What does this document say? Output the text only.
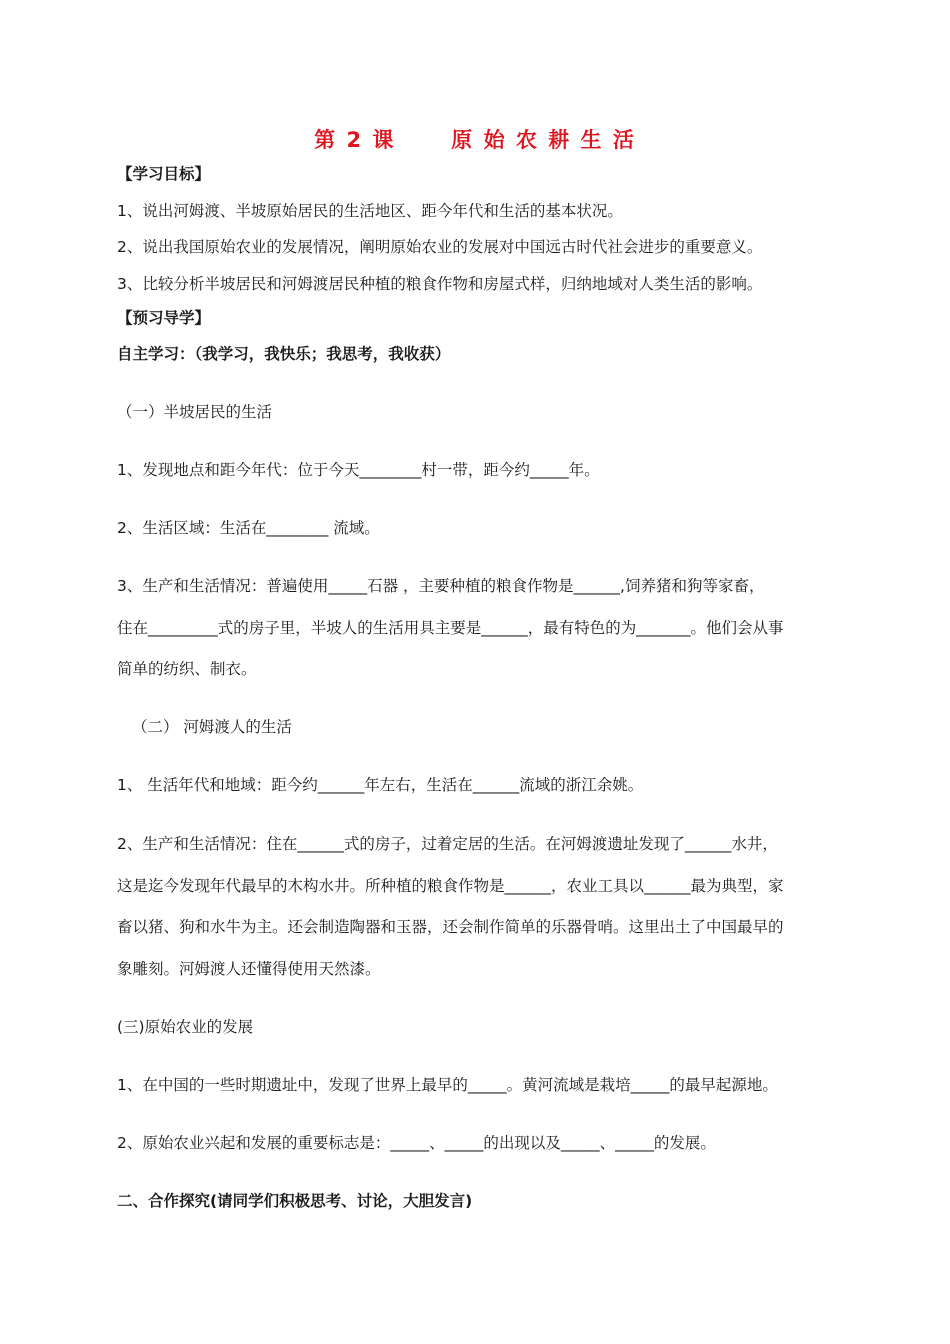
第 2 课      原 始 农 耕 生 活
【学习目标】
1、说出河姆渡、半坡原始居民的生活地区、距今年代和生活的基本状况。
2、说出我国原始农业的发展情况，阐明原始农业的发展对中国远古时代社会进步的重要意义。
3、比较分析半坡居民和河姆渡居民种植的粮食作物和房屋式样，归纳地域对人类生活的影响。
【预习导学】
自主学习：（我学习，我快乐；我思考，我收获）
（一）半坡居民的生活
1、发现地点和距今年代：位于今天________村一带，距今约_____年。
2、生活区域：生活在________ 流域。
3、生产和生活情况：普遍使用_____石器 ，主要种植的粮食作物是______,饲养猪和狗等家畜，
住在_________式的房子里，半坡人的生活用具主要是______，最有特色的为_______。他们会从事
简单的纺织、制衣。
（二） 河姆渡人的生活
1、 生活年代和地域：距今约______年左右，生活在______流域的浙江余姚。
2、生产和生活情况：住在______式的房子，过着定居的生活。在河姆渡遗址发现了______水井，
这是迄今发现年代最早的木构水井。所种植的粮食作物是______，农业工具以______最为典型，家
畜以猪、狗和水牛为主。还会制造陶器和玉器，还会制作简单的乐器骨哨。这里出土了中国最早的
象雕刻。河姆渡人还懂得使用天然漆。
(三)原始农业的发展
1、在中国的一些时期遗址中，发现了世界上最早的_____。黄河流域是栽培_____的最早起源地。
2、原始农业兴起和发展的重要标志是：_____、_____的出现以及_____、_____的发展。
二、合作探究(请同学们积极思考、讨论，大胆发言)
